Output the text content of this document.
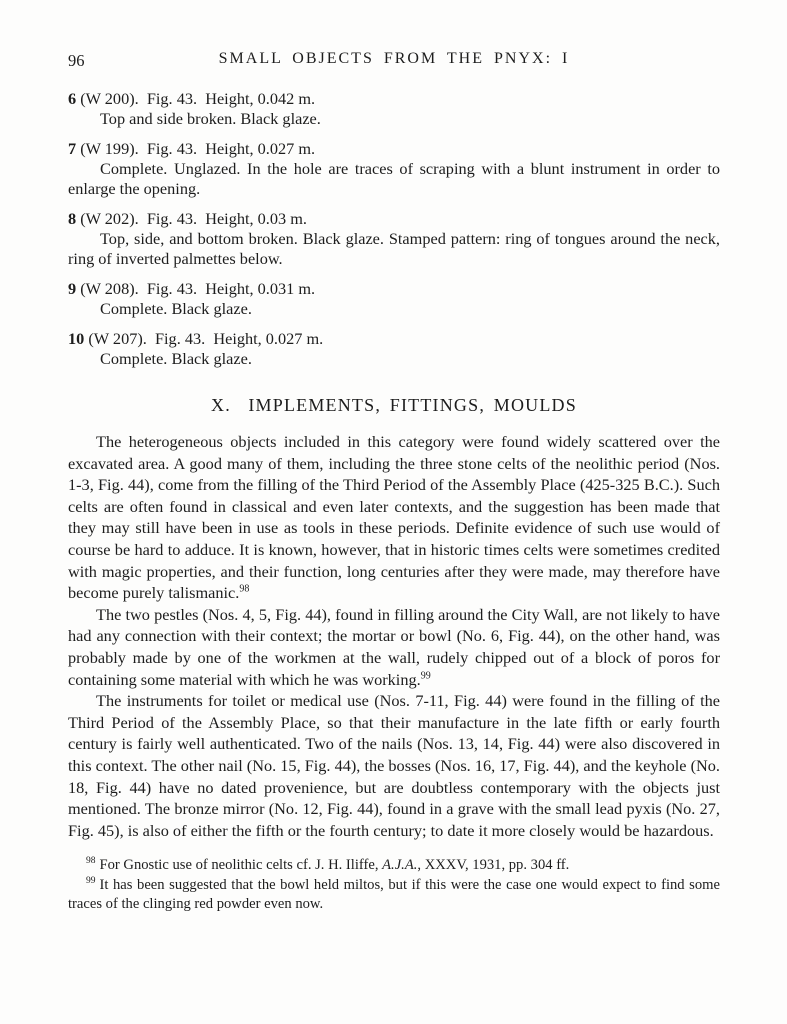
96	SMALL OBJECTS FROM THE PNYX: I

6 (W 200).  Fig. 43.  Height, 0.042 m.

Top and side broken. Black glaze.

7 (W 199).  Fig. 43.  Height, 0.027 m.

Complete. Unglazed. In the hole are traces of scraping with a blunt instrument in order to enlarge the opening.

8 (W 202).  Fig. 43.  Height, 0.03 m.

Top, side, and bottom broken. Black glaze. Stamped pattern: ring of tongues around the neck, ring of inverted palmettes below.

9 (W 208).  Fig. 43.  Height, 0.031 m.

Complete. Black glaze.

10 (W 207).  Fig. 43.  Height, 0.027 m.

Complete. Black glaze.

X.  IMPLEMENTS, FITTINGS, MOULDS

The heterogeneous objects included in this category were found widely scattered over the excavated area. A good many of them, including the three stone celts of the neolithic period (Nos. 1-3, Fig. 44), come from the filling of the Third Period of the Assembly Place (425-325 B.C.). Such celts are often found in classical and even later contexts, and the suggestion has been made that they may still have been in use as tools in these periods. Definite evidence of such use would of course be hard to adduce. It is known, however, that in historic times celts were sometimes credited with magic properties, and their function, long centuries after they were made, may therefore have become purely talismanic.$^{98}$

The two pestles (Nos. 4, 5, Fig. 44), found in filling around the City Wall, are not likely to have had any connection with their context; the mortar or bowl (No. 6, Fig. 44), on the other hand, was probably made by one of the workmen at the wall, rudely chipped out of a block of poros for containing some material with which he was working.$^{99}$

The instruments for toilet or medical use (Nos. 7-11, Fig. 44) were found in the filling of the Third Period of the Assembly Place, so that their manufacture in the late fifth or early fourth century is fairly well authenticated. Two of the nails (Nos. 13, 14, Fig. 44) were also discovered in this context. The other nail (No. 15, Fig. 44), the bosses (Nos. 16, 17, Fig. 44), and the keyhole (No. 18, Fig. 44) have no dated provenience, but are doubtless contemporary with the objects just mentioned. The bronze mirror (No. 12, Fig. 44), found in a grave with the small lead pyxis (No. 27, Fig. 45), is also of either the fifth or the fourth century; to date it more closely would be hazardous.

$^{98}$ For Gnostic use of neolithic celts cf. J. H. Iliffe, A.J.A., XXXV, 1931, pp. 304 ff.

$^{99}$ It has been suggested that the bowl held miltos, but if this were the case one would expect to find some traces of the clinging red powder even now.
